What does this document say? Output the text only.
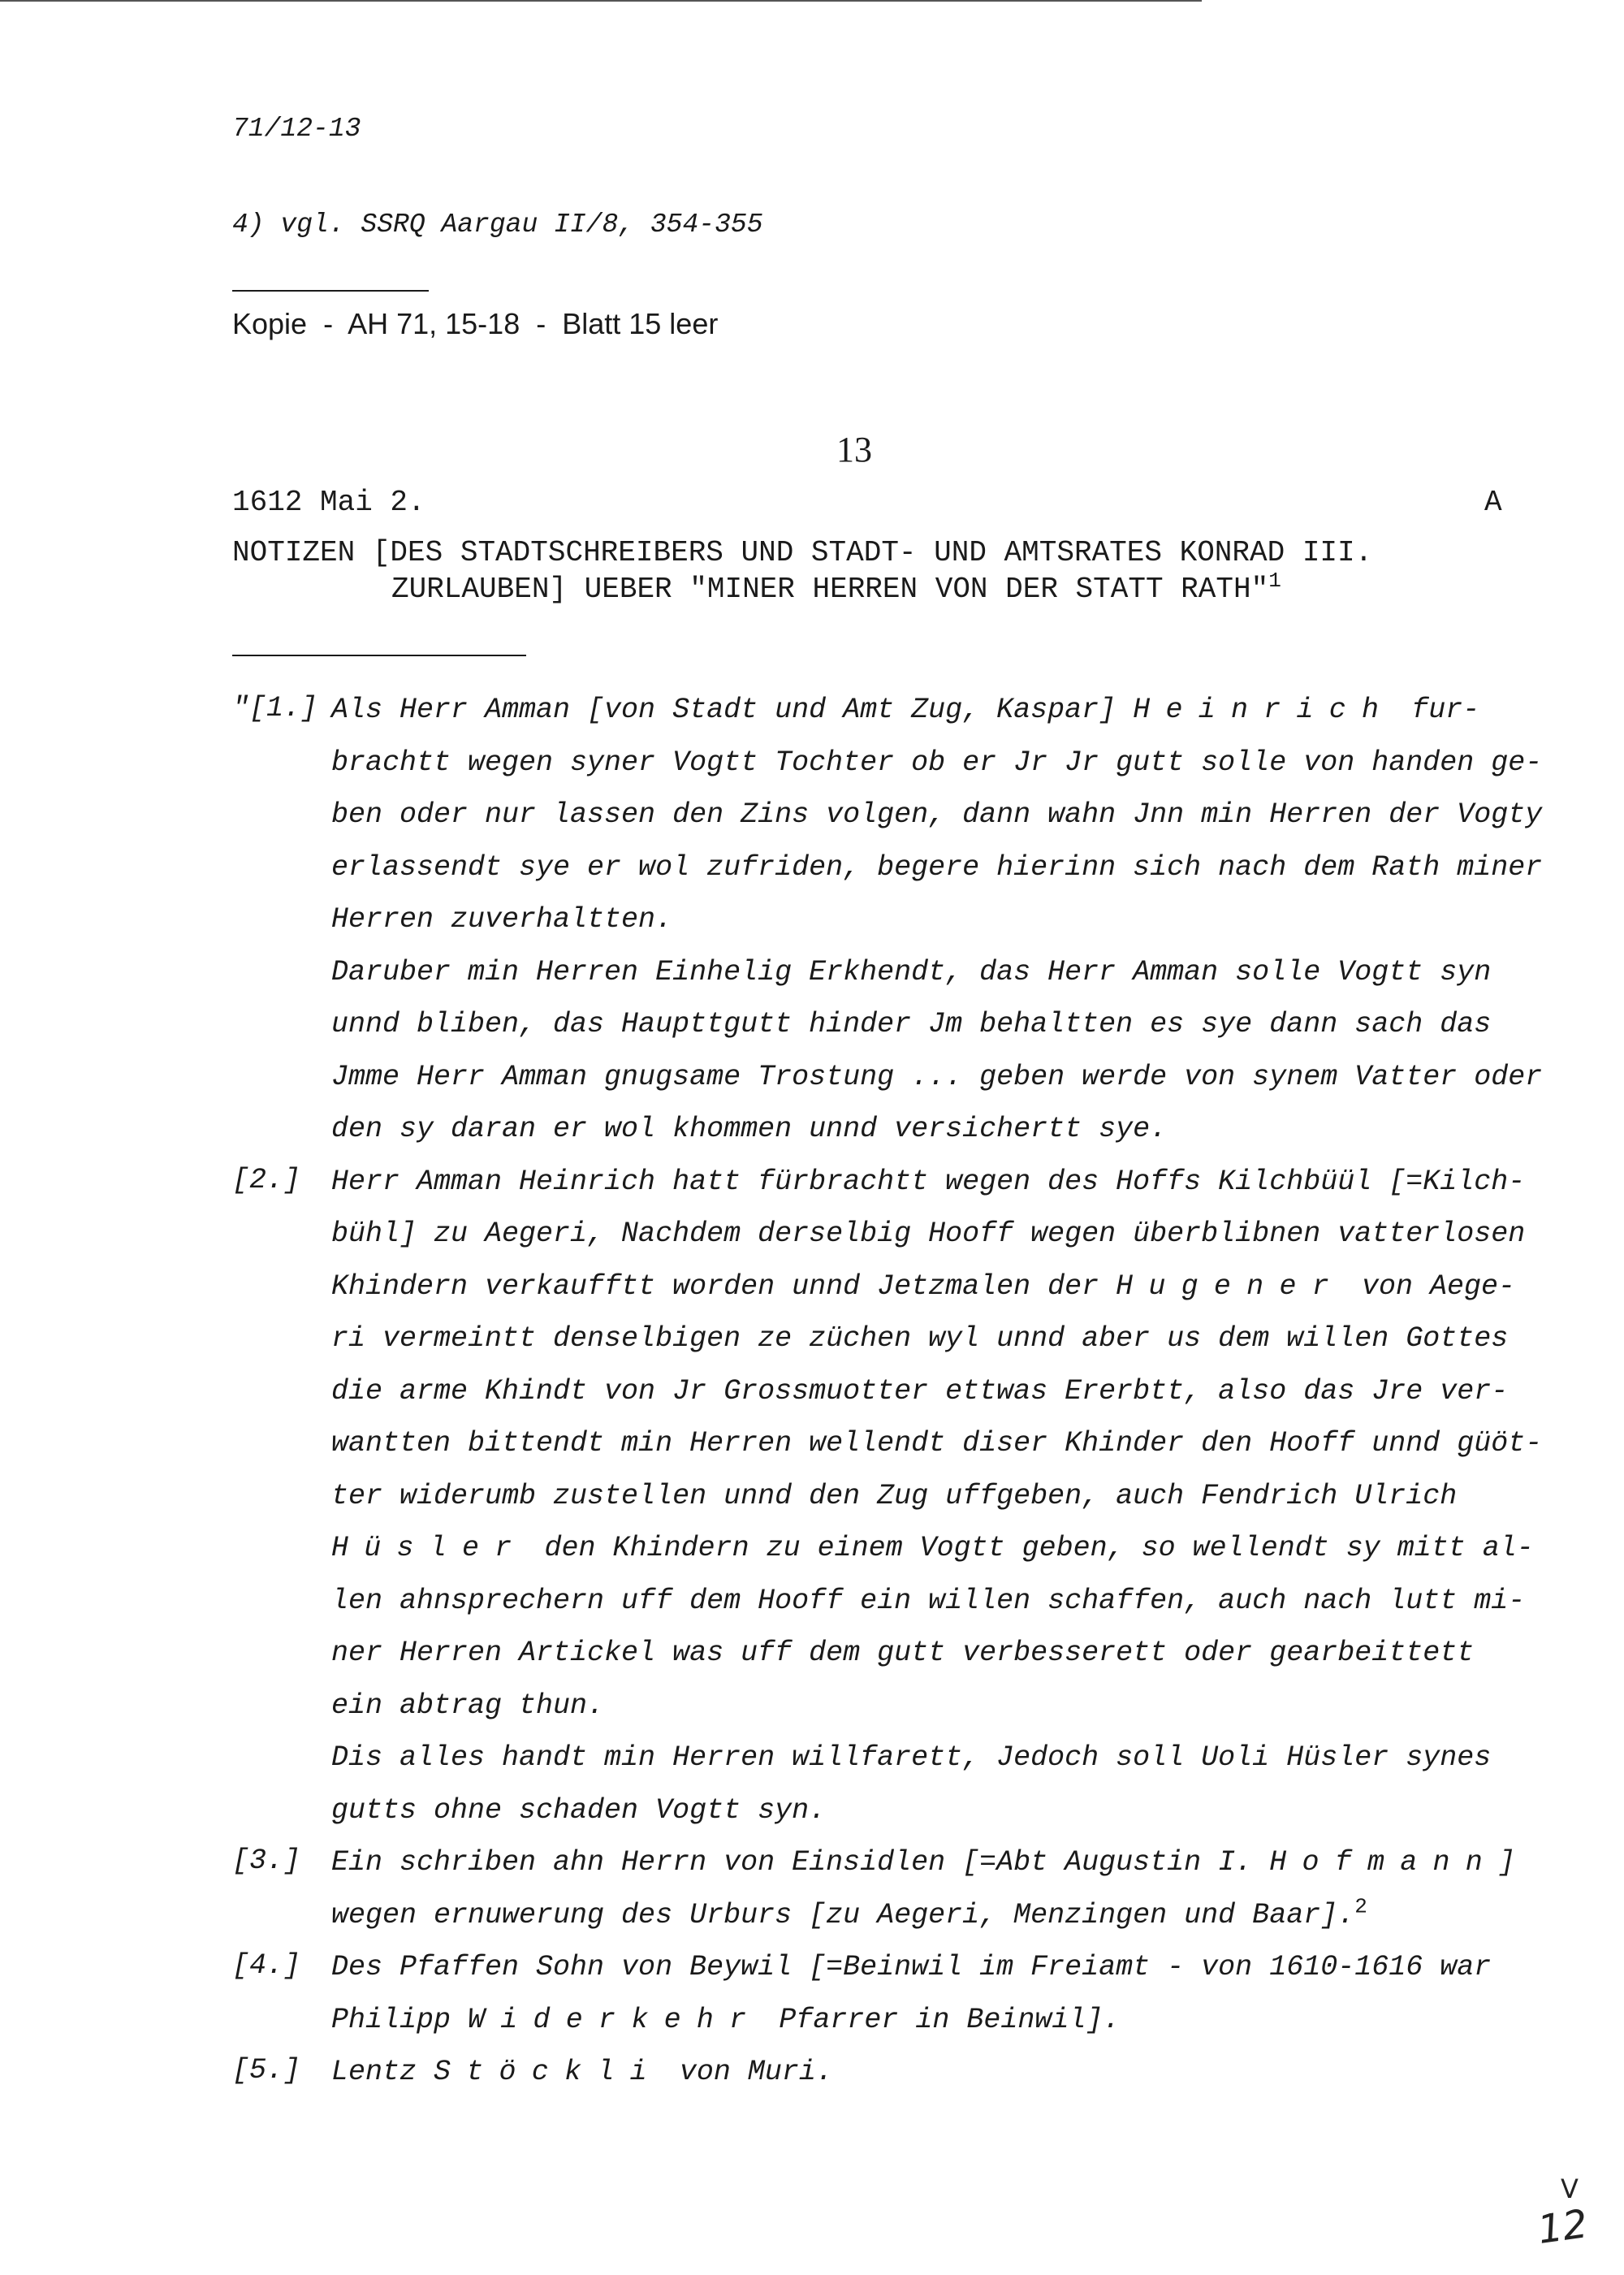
71/12-13
4) vgl. SSRQ Aargau II/8, 354-355
Kopie  -  AH 71, 15-18  -  Blatt 15 leer
13
1612 Mai 2.	A
NOTIZEN [DES STADTSCHREIBERS UND STADT- UND AMTSRATES KONRAD III.
ZURLAUBEN] UEBER "MINER HERREN VON DER STATT RATH"$^1$
"[1.] Als Herr Amman [von Stadt und Amt Zug, Kaspar] Heinrich fur-
brachtt wegen syner Vogtt Tochter ob er Jr Jr gutt solle von handen ge-
ben oder nur lassen den Zins volgen, dann wahn Jnn min Herren der Vogty
erlassendt sye er wol zufriden, begere hierinn sich nach dem Rath miner
Herren zuverhaltten.
Daruber min Herren Einhelig Erkhendt, das Herr Amman solle Vogtt syn
unnd bliben, das Haupttgutt hinder Jm behaltten es sye dann sach das
Jmme Herr Amman gnugsame Trostung ... geben werde von synem Vatter oder
den sy daran er wol khommen unnd versichertt sye.
[2.] Herr Amman Heinrich hatt fürbrachtt wegen des Hoffs Kilchbüül [=Kilch-
bühl] zu Aegeri, Nachdem derselbig Hooff wegen überblibnen vatterlosen
Khindern verkaufftt worden unnd Jetzmalen der Hugener von Aege-
ri vermeintt denselbigen ze züchen wyl unnd aber us dem willen Gottes
die arme Khindt von Jr Grossmuotter ettwas Ererbtt, also das Jre ver-
wantten bittendt min Herren wellendt diser Khinder den Hooff unnd güöt-
ter widerumb zustellen unnd den Zug uffgeben, auch Fendrich Ulrich
Hüsler den Khindern zu einem Vogtt geben, so wellendt sy mitt al-
len ahnsprechern uff dem Hooff ein willen schaffen, auch nach lutt mi-
ner Herren Artickel was uff dem gutt verbesserett oder gearbeittett
ein abtrag thun.
Dis alles handt min Herren willfarett, Jedoch soll Uoli Hüsler synes
gutts ohne schaden Vogtt syn.
[3.] Ein schriben ahn Herrn von Einsidlen [=Abt Augustin I. Hofmann]
wegen ernuwerung des Urburs [zu Aegeri, Menzingen und Baar].$^2$
[4.] Des Pfaffen Sohn von Beywil [=Beinwil im Freiamt - von 1610-1616 war
Philipp Widerkehr Pfarrer in Beinwil].
[5.] Lentz Stöckli von Muri.
V
12
